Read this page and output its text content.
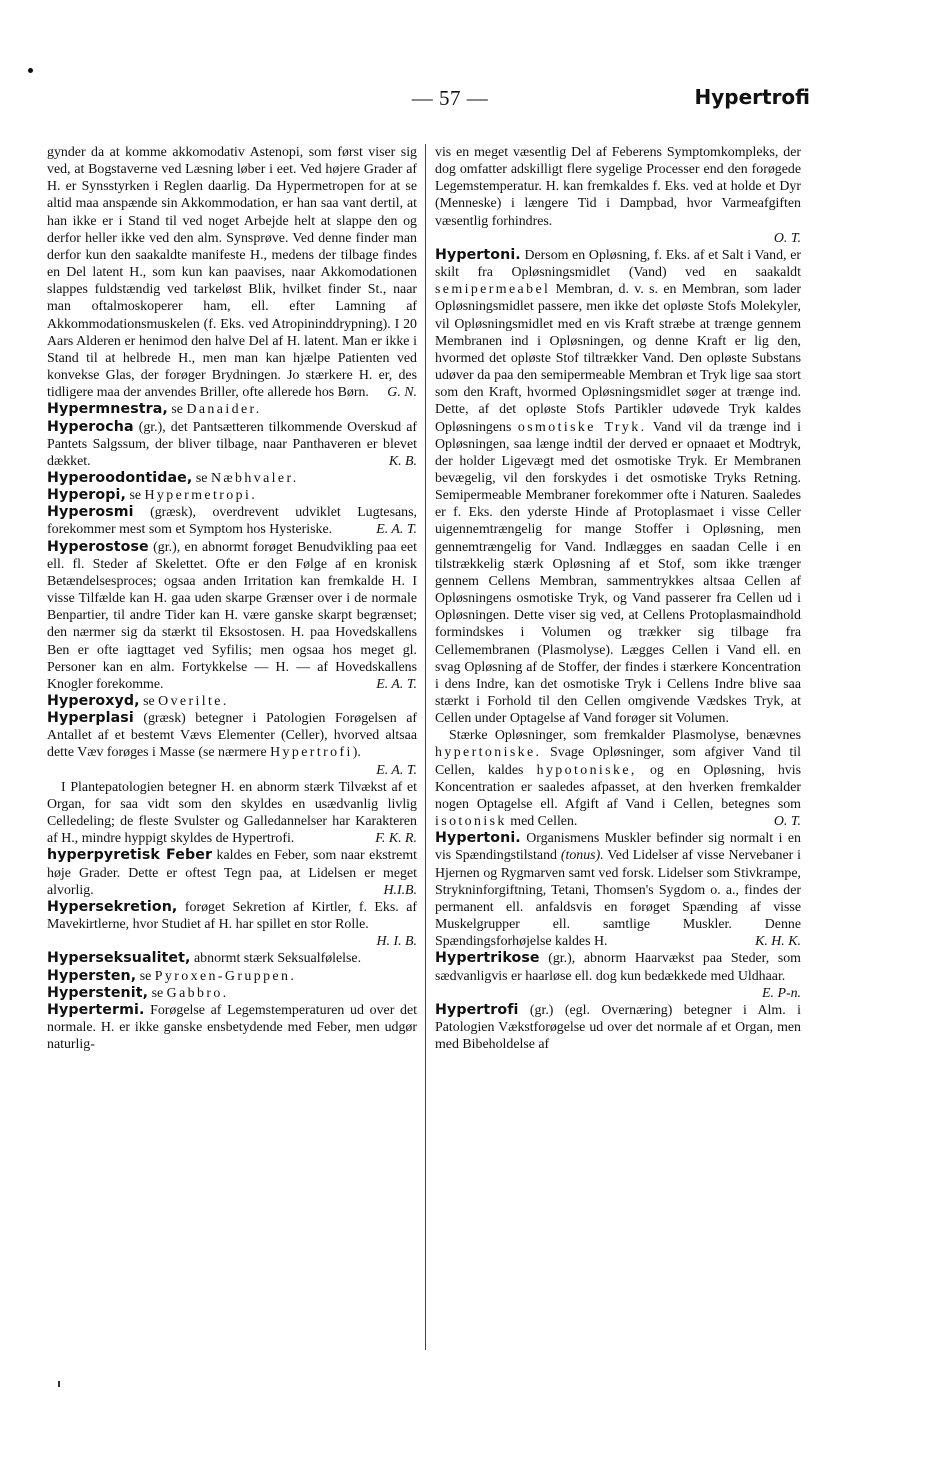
— 57 —	Hypertrofi

gynder da at komme akkomodativ Astenopi, som først viser sig ved, at Bogstaverne ved Læsning løber i eet. Ved højere Grader af H. er Synsstyrken i Reglen daarlig. Da Hypermetropen for at se altid maa anspænde sin Akkommodation, er han saa vant dertil, at han ikke er i Stand til ved noget Arbejde helt at slappe den og derfor heller ikke ved den alm. Synsprøve. Ved denne finder man derfor kun den saakaldte manifeste H., medens der tilbage findes en Del latent H., som kun kan paavises, naar Akkomodationen slappes fuldstændig ved tarkeløst Blik, hvilket finder St., naar man oftalmoskoperer ham, ell. efter Lamning af Akkommodationsmuskelen (f. Eks. ved Atropininddrypning). I 20 Aars Alderen er henimod den halve Del af H. latent. Man er ikke i Stand til at helbrede H., men man kan hjælpe Patienten ved konvekse Glas, der forøger Brydningen. Jo stærkere H. er, des tidligere maa der anvendes Briller, ofte allerede hos Børn. G. N.

Hypermnestra, se Danaider.

Hyperocha (gr.), det Pantsætteren tilkommende Overskud af Pantets Salgssum, der bliver tilbage, naar Panthaveren er blevet dækket.	K. B.

Hyperoodontidae, se Næbhvaler.

Hyperopi, se Hypermetropi.

Hyperosmi (græsk), overdrevent udviklet Lugtesans, forekommer mest som et Symptom hos Hysteriske.	E. A. T.

Hyperostose (gr.), en abnormt forøget Benudvikling paa eet ell. fl. Steder af Skelettet. Ofte er den Følge af en kronisk Betændelsesproces; ogsaa anden Irritation kan fremkalde H. I visse Tilfælde kan H. gaa uden skarpe Grænser over i de normale Benpartier, til andre Tider kan H. være ganske skarpt begrænset; den nærmer sig da stærkt til Eksostosen. H. paa Hovedskallens Ben er ofte iagttaget ved Syfilis; men ogsaa hos meget gl. Personer kan en alm. Fortykkelse — H. — af Hovedskallens Knogler forekomme.	E. A. T.

Hyperoxyd, se Overilte.

Hyperplasi (græsk) betegner i Patologien Forøgelsen af Antallet af et bestemt Vævs Elementer (Celler), hvorved altsaa dette Væv forøges i Masse (se nærmere Hypertrofi).
E. A. T.

I Plantepatologien betegner H. en abnorm stærk Tilvækst af et Organ, for saa vidt som den skyldes en usædvanlig livlig Celledeling; de fleste Svulster og Galledannelser har Karakteren af H., mindre hyppigt skyldes de Hypertrofi.	F. K. R.

hyperpyretisk Feber kaldes en Feber, som naar ekstremt høje Grader. Dette er oftest Tegn paa, at Lidelsen er meget alvorlig.	H.I.B.

Hypersekretion, forøget Sekretion af Kirtler, f. Eks. af Mavekirtlerne, hvor Studiet af H. har spillet en stor Rolle.
H. I. B.

Hyperseksualitet, abnormt stærk Seksualfølelse.

Hypersten, se Pyroxen-Gruppen.

Hyperstenit, se Gabbro.

Hypertermi. Forøgelse af Legemstemperaturen ud over det normale. H. er ikke ganske ensbetydende med Feber, men udgør naturlig-

vis en meget væsentlig Del af Feberens Symptomkompleks, der dog omfatter adskilligt flere sygelige Processer end den forøgede Legemstemperatur. H. kan fremkaldes f. Eks. ved at holde et Dyr (Menneske) i længere Tid i Dampbad, hvor Varmeafgiften væsentlig forhindres.
O. T.

Hypertoni. Dersom en Opløsning, f. Eks. af et Salt i Vand, er skilt fra Opløsningsmidlet (Vand) ved en saakaldt semipermeabel Membran, d. v. s. en Membran, som lader Opløsningsmidlet passere, men ikke det opløste Stofs Molekyler, vil Opløsningsmidlet med en vis Kraft stræbe at trænge gennem Membranen ind i Opløsningen, og denne Kraft er lig den, hvormed det opløste Stof tiltrækker Vand. Den opløste Substans udøver da paa den semipermeable Membran et Tryk lige saa stort som den Kraft, hvormed Opløsningsmidlet søger at trænge ind. Dette, af det opløste Stofs Partikler udøvede Tryk kaldes Opløsningens osmotiske Tryk. Vand vil da trænge ind i Opløsningen, saa længe indtil der derved er opnaaet et Modtryk, der holder Ligevægt med det osmotiske Tryk. Er Membranen bevægelig, vil den forskydes i det osmotiske Tryks Retning. Semipermeable Membraner forekommer ofte i Naturen. Saaledes er f. Eks. den yderste Hinde af Protoplasmaet i visse Celler uigennemtrængelig for mange Stoffer i Opløsning, men gennemtrængelig for Vand. Indlægges en saadan Celle i en tilstrækkelig stærk Opløsning af et Stof, som ikke trænger gennem Cellens Membran, sammentrykkes altsaa Cellen af Opløsningens osmotiske Tryk, og Vand passerer fra Cellen ud i Opløsningen. Dette viser sig ved, at Cellens Protoplasmaindhold formindskes i Volumen og trækker sig tilbage fra Cellemembranen (Plasmolyse). Lægges Cellen i Vand ell. en svag Opløsning af de Stoffer, der findes i stærkere Koncentration i dens Indre, kan det osmotiske Tryk i Cellens Indre blive saa stærkt i Forhold til den Cellen omgivende Vædskes Tryk, at Cellen under Optagelse af Vand forøger sit Volumen.

Stærke Opløsninger, som fremkalder Plasmolyse, benævnes hypertoniske. Svage Opløsninger, som afgiver Vand til Cellen, kaldes hypotoniske, og en Opløsning, hvis Koncentration er saaledes afpasset, at den hverken fremkalder nogen Optagelse ell. Afgift af Vand i Cellen, betegnes som isotonisk med Cellen.	O. T.

Hypertoni. Organismens Muskler befinder sig normalt i en vis Spændingstilstand (tonus). Ved Lidelser af visse Nervebaner i Hjernen og Rygmarven samt ved forsk. Lidelser som Stivkrampe, Strykninforgiftning, Tetani, Thomsen's Sygdom o. a., findes der permanent ell. anfaldsvis en forøget Spænding af visse Muskelgrupper ell. samtlige Muskler. Denne Spændingsforhøjelse kaldes H.	K. H. K.

Hypertrikose (gr.), abnorm Haarvækst paa Steder, som sædvanligvis er haarløse ell. dog kun bedækkede med Uldhaar.
E. P-n.

Hypertrofi (gr.) (egl. Overnæring) betegner i Alm. i Patologien Vækstforøgelse ud over det normale af et Organ, men med Bibeholdelse af
